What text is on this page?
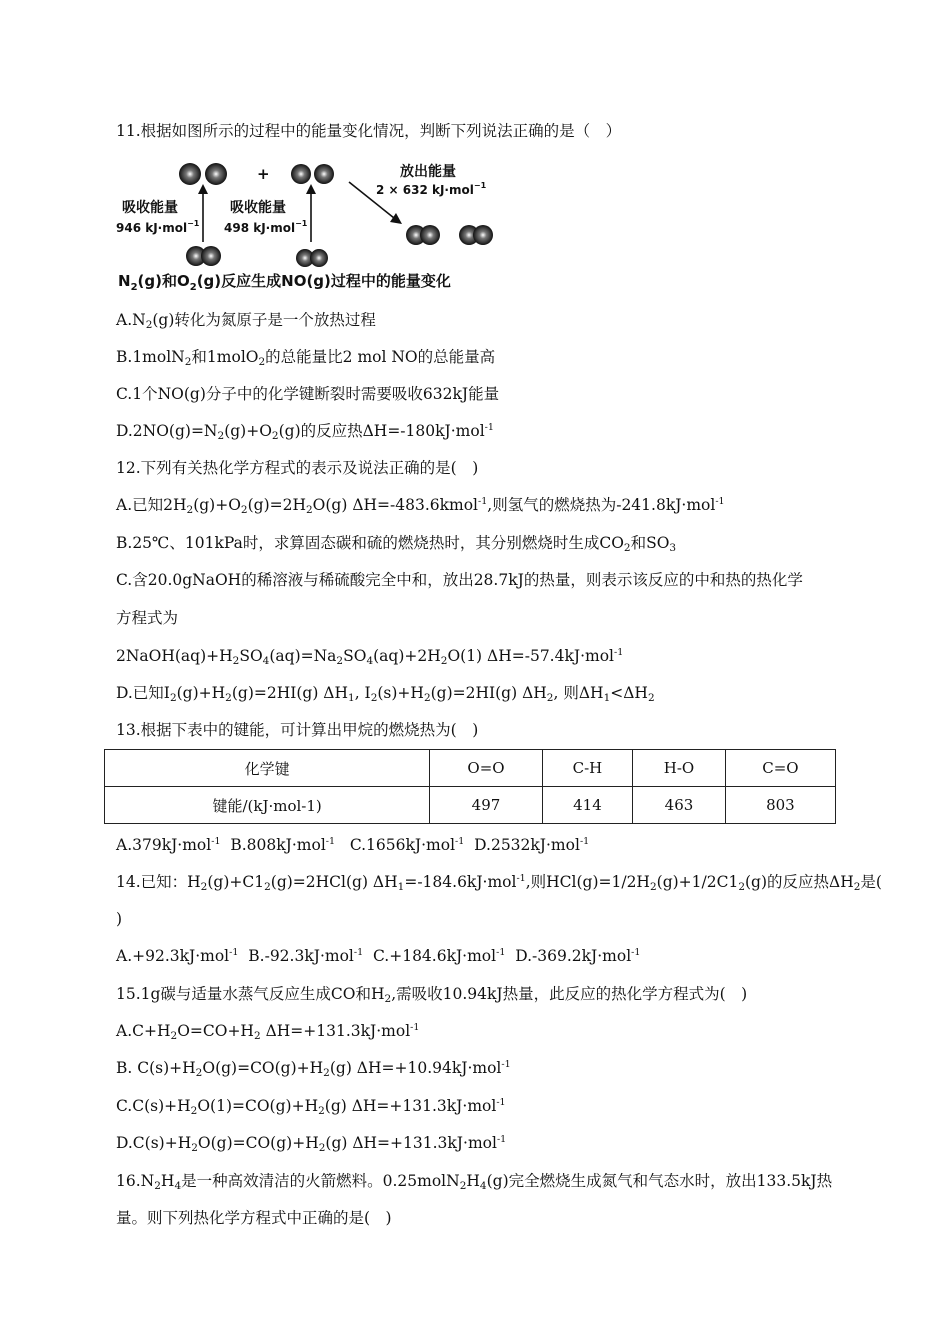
11.根据如图所示的过程中的能量变化情况，判断下列说法正确的是（　）
+
吸收能量
946 kJ·mol$^{-1}$
吸收能量
498 kJ·mol$^{-1}$
放出能量
2 × 632 kJ·mol$^{-1}$
$N_2(g)$和$O_2(g)$反应生成NO(g)过程中的能量变化
$A.N_2(g)$转化为氮原子是一个放热过程
B.1molN$_2$和1molO$_2$的总能量比2 mol NO的总能量高
C.1个NO(g)分子中的化学键断裂时需要吸收632kJ能量
$D.2NO(g)=N_2(g)+O_2(g)$的反应热ΔH=-180kJ·mol$^{-1}$
12.下列有关热化学方程式的表示及说法正确的是(　)
A.已知$2H_2(g)+O_2(g)=2H_2O(g)$ ΔH=-483.6kmol$^{-1}$,则氢气的燃烧热为-241.8kJ·mol$^{-1}$
B.25℃、101kPa时，求算固态碳和硫的燃烧热时，其分别燃烧时生成$CO_2$和$SO_3$
C.含20.0gNaOH的稀溶液与稀硫酸完全中和，放出28.7kJ的热量，则表示该反应的中和热的热化学
方程式为
$2NaOH(aq)+H_2SO_4(aq)=Na_2SO_4(aq)+2H_2O(1)$ ΔH=-57.4kJ·mol$^{-1}$
D.已知$I_2(g)+H_2(g)=2HI(g)$ $\Delta H_1$, $I_2(s)+H_2(g)=2HI(g)$ $\Delta H_2$, 则$\Delta H_1<\Delta H_2$
13.根据下表中的键能，可计算出甲烷的燃烧热为(　)
化学键	O=O	C-H	H-O	C=O
键能/(kJ·mol-1)	497	414	463	803
A.379kJ·mol$^{-1}$ B.808kJ·mol$^{-1}$ C.1656kJ·mol$^{-1}$ D.2532kJ·mol$^{-1}$
14.已知：$H_2(g)+C1_2(g)=2HCl(g)$ $\Delta H_1=-184.6kJ\cdot mol^{-1}$,则$HCl(g)=1/2H_2(g)+1/2C1_2(g)$的反应热$\Delta H_2$是(
)
A.+92.3kJ·mol$^{-1}$ B.-92.3kJ·mol$^{-1}$ C.+184.6kJ·mol$^{-1}$ D.-369.2kJ·mol$^{-1}$
15.1g碳与适量水蒸气反应生成CO和$H_2$,需吸收10.94kJ热量，此反应的热化学方程式为(　)
$A.C+H_2O=CO+H_2$ ΔH=+131.3kJ·mol$^{-1}$
B. $C(s)+H_2O(g)=CO(g)+H_2(g)$ ΔH=+10.94kJ·mol$^{-1}$
$C.C(s)+H_2O(1)=CO(g)+H_2(g)$ ΔH=+131.3kJ·mol$^{-1}$
$D.C(s)+H_2O(g)=CO(g)+H_2(g)$ ΔH=+131.3kJ·mol$^{-1}$
$16.N_2H_4$是一种高效清洁的火箭燃料。$0.25molN_2H_4(g)$完全燃烧生成氮气和气态水时，放出133.5kJ热
量。则下列热化学方程式中正确的是(　)
